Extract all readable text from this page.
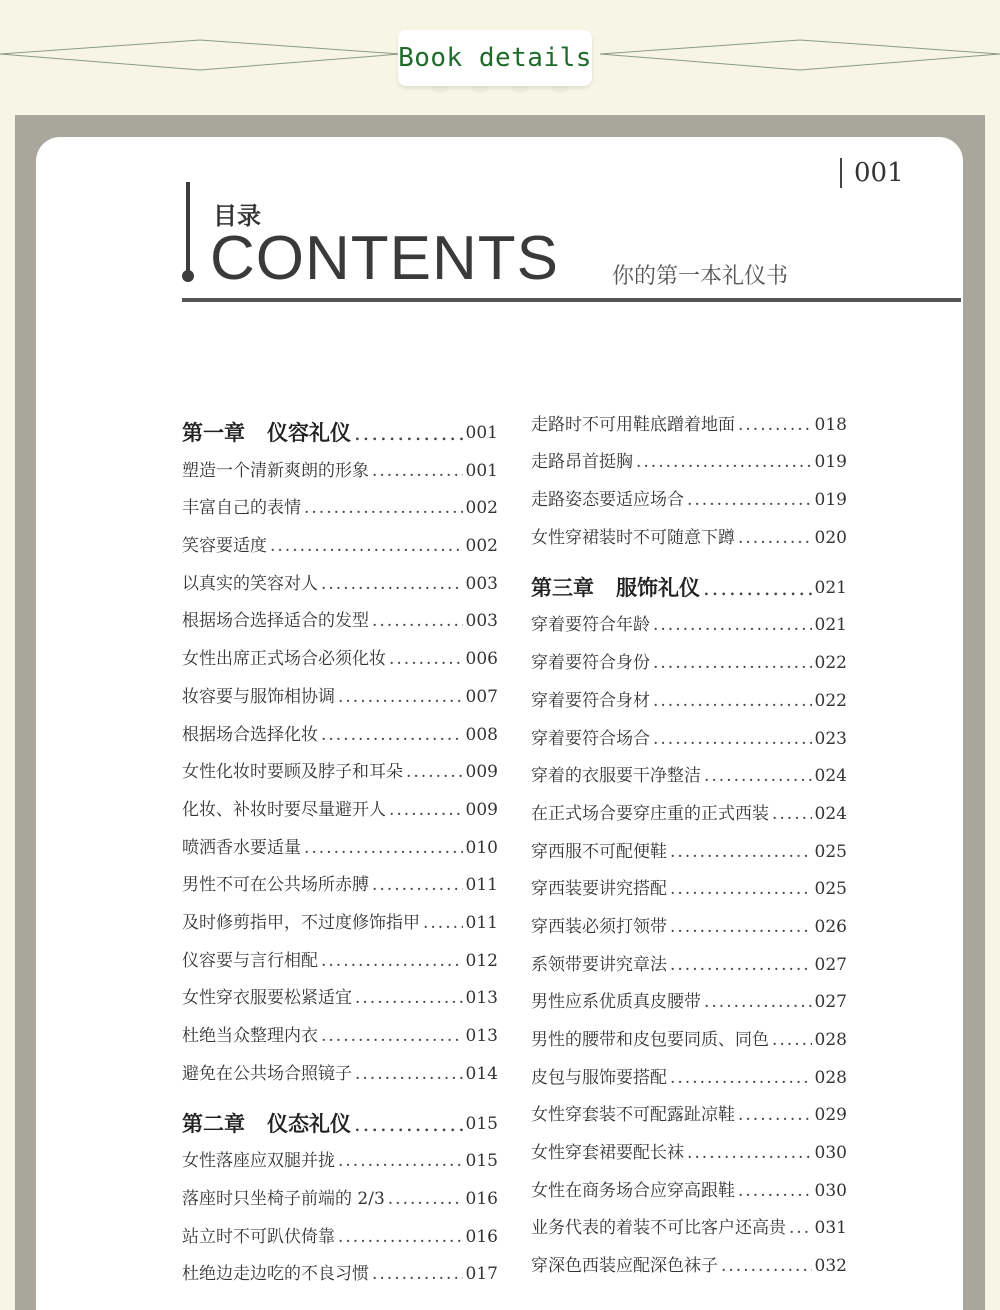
Book details
001
目录
CONTENTS 你的第一本礼仪书
第一章 仪容礼仪 .....	001
塑造一个清新爽朗的形象 .....	001
丰富自己的表情 .....	002
笑容要适度 .....	002
以真实的笑容对人 .....	003
根据场合选择适合的发型 .....	003
女性出席正式场合必须化妆 .....	006
妆容要与服饰相协调 .....	007
根据场合选择化妆 .....	008
女性化妆时要顾及脖子和耳朵 .....	009
化妆、补妆时要尽量避开人 .....	009
喷洒香水要适量 .....	010
男性不可在公共场所赤膊 .....	011
及时修剪指甲，不过度修饰指甲 .....	011
仪容要与言行相配 .....	012
女性穿衣服要松紧适宜 .....	013
杜绝当众整理内衣 .....	013
避免在公共场合照镜子 .....	014
第二章 仪态礼仪 .....	015
女性落座应双腿并拢 .....	015
落座时只坐椅子前端的 2/3 .....	016
站立时不可趴伏倚靠 .....	016
杜绝边走边吃的不良习惯 .....	017
走路时不可用鞋底蹭着地面 .....	018
走路昂首挺胸 .....	019
走路姿态要适应场合 .....	019
女性穿裙装时不可随意下蹲 .....	020
第三章 服饰礼仪 .....	021
穿着要符合年龄 .....	021
穿着要符合身份 .....	022
穿着要符合身材 .....	022
穿着要符合场合 .....	023
穿着的衣服要干净整洁 .....	024
在正式场合要穿庄重的正式西装 .....	024
穿西服不可配便鞋 .....	025
穿西装要讲究搭配 .....	025
穿西装必须打领带 .....	026
系领带要讲究章法 .....	027
男性应系优质真皮腰带 .....	027
男性的腰带和皮包要同质、同色 .....	028
皮包与服饰要搭配 .....	028
女性穿套装不可配露趾凉鞋 .....	029
女性穿套裙要配长袜 .....	030
女性在商务场合应穿高跟鞋 .....	030
业务代表的着装不可比客户还高贵 ..... 031
穿深色西装应配深色袜子 .....	032
